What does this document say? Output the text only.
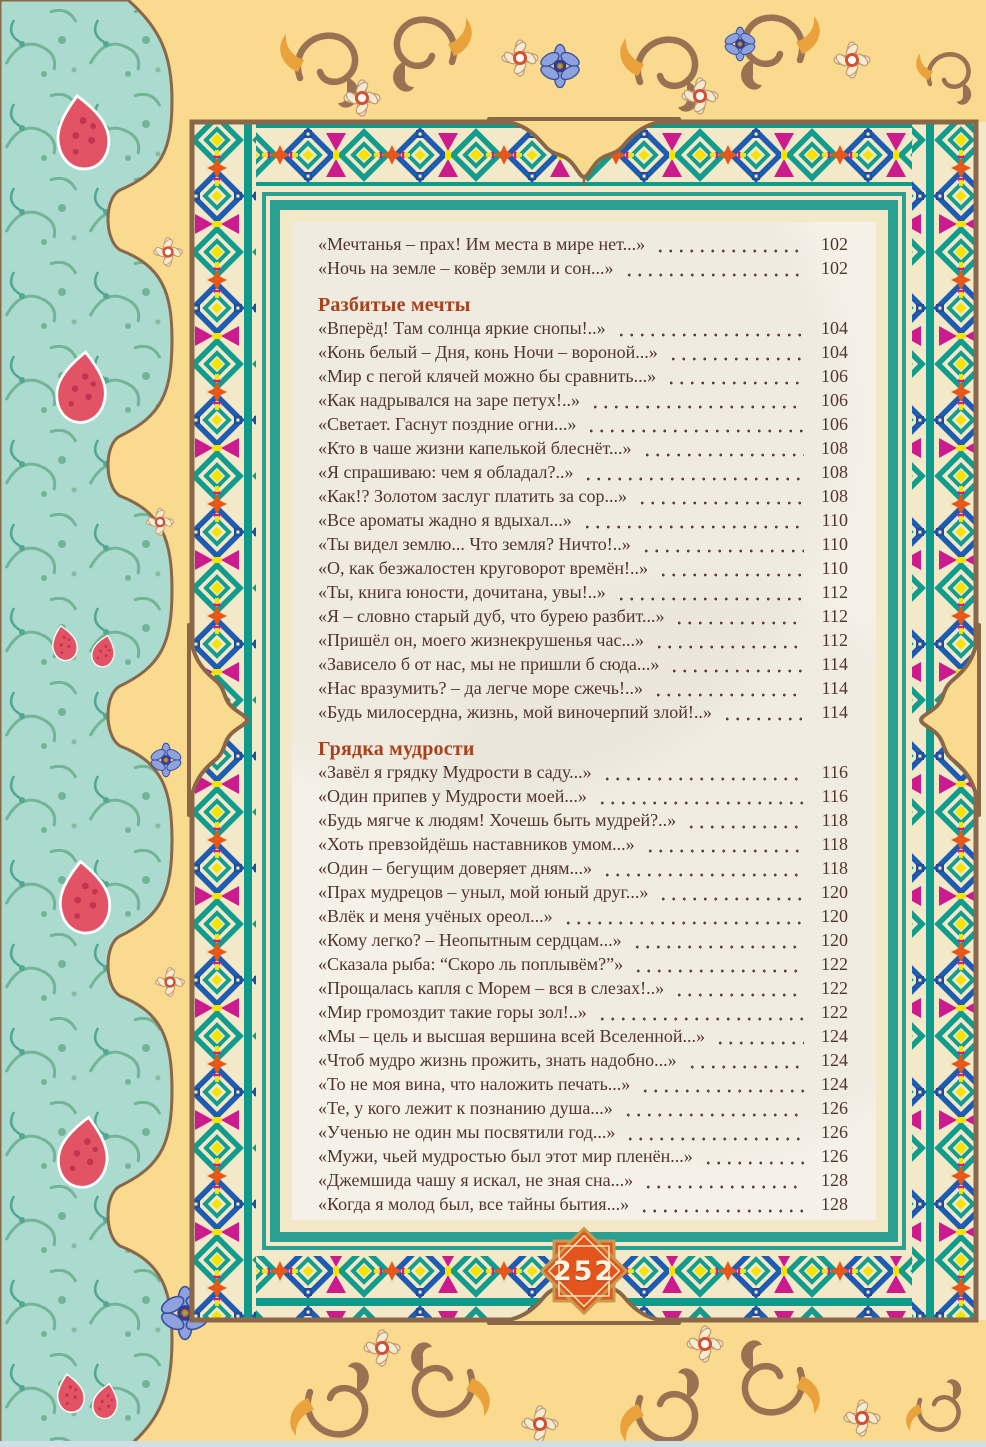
«Мечтанья – прах! Им места в мире нет...»	102
«Ночь на земле – ковёр земли и сон...»	102
Разбитые мечты
«Вперёд! Там солнца яркие снопы!..»	104
«Конь белый – Дня, конь Ночи – вороной...»	104
«Мир с пегой клячей можно бы сравнить...»	106
«Как надрывался на заре петух!..»	106
«Светает. Гаснут поздние огни...»	106
«Кто в чаше жизни капелькой блеснёт...»	108
«Я спрашиваю: чем я обладал?..»	108
«Как!? Золотом заслуг платить за сор...»	108
«Все ароматы жадно я вдыхал...»	110
«Ты видел землю... Что земля? Ничто!..»	110
«О, как безжалостен круговорот времён!..»	110
«Ты, книга юности, дочитана, увы!..»	112
«Я – словно старый дуб, что бурею разбит...»	112
«Пришёл он, моего жизнекрушенья час...»	112
«Зависело б от нас, мы не пришли б сюда...»	114
«Нас вразумить? – да легче море сжечь!..»	114
«Будь милосердна, жизнь, мой виночерпий злой!..»	114
Грядка мудрости
«Завёл я грядку Мудрости в саду...»	116
«Один припев у Мудрости моей...»	116
«Будь мягче к людям! Хочешь быть мудрей?..»	118
«Хоть превзойдёшь наставников умом...»	118
«Один – бегущим доверяет дням...»	118
«Прах мудрецов – уныл, мой юный друг...»	120
«Влёк и меня учёных ореол...»	120
«Кому легко? – Неопытным сердцам...»	120
«Сказала рыба: “Скоро ль поплывём?”»	122
«Прощалась капля с Морем – вся в слезах!..»	122
«Мир громоздит такие горы зол!..»	122
«Мы – цель и высшая вершина всей Вселенной...»	124
«Чтоб мудро жизнь прожить, знать надобно...»	124
«То не моя вина, что наложить печать...»	124
«Те, у кого лежит к познанию душа...»	126
«Ученью не один мы посвятили год...»	126
«Мужи, чьей мудростью был этот мир пленён...»	126
«Джемшида чашу я искал, не зная сна...»	128
«Когда я молод был, все тайны бытия...»	128
252
